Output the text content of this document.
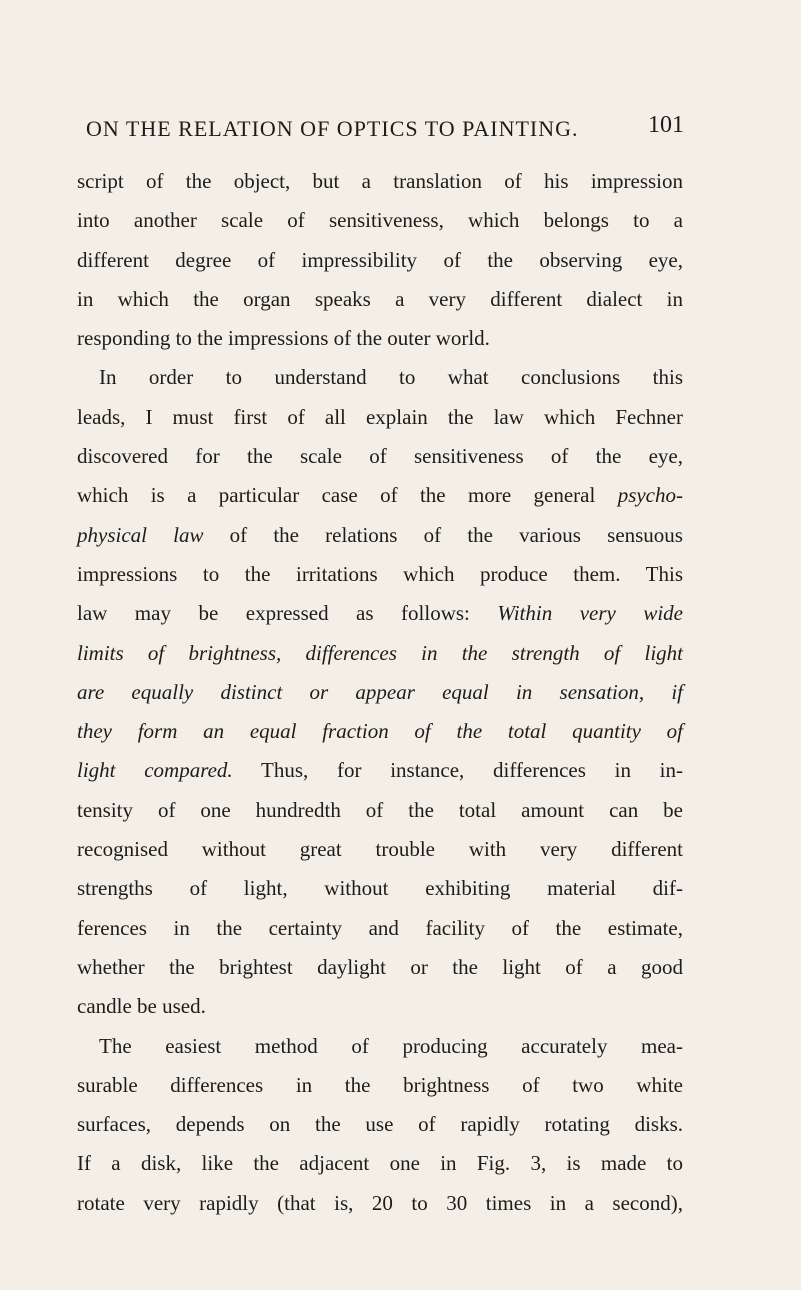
ON THE RELATION OF OPTICS TO PAINTING.	101
script of the object, but a translation of his impression
into another scale of sensitiveness, which belongs to a
different degree of impressibility of the observing eye,
in which the organ speaks a very different dialect in
responding to the impressions of the outer world.
In order to understand to what conclusions this
leads, I must first of all explain the law which Fechner
discovered for the scale of sensitiveness of the eye,
which is a particular case of the more general psycho-
physical law of the relations of the various sensuous
impressions to the irritations which produce them. This
law may be expressed as follows: Within very wide
limits of brightness, differences in the strength of light
are equally distinct or appear equal in sensation, if
they form an equal fraction of the total quantity of
light compared. Thus, for instance, differences in in-
tensity of one hundredth of the total amount can be
recognised without great trouble with very different
strengths of light, without exhibiting material dif-
ferences in the certainty and facility of the estimate,
whether the brightest daylight or the light of a good
candle be used.
The easiest method of producing accurately mea-
surable differences in the brightness of two white
surfaces, depends on the use of rapidly rotating disks.
If a disk, like the adjacent one in Fig. 3, is made to
rotate very rapidly (that is, 20 to 30 times in a second),
